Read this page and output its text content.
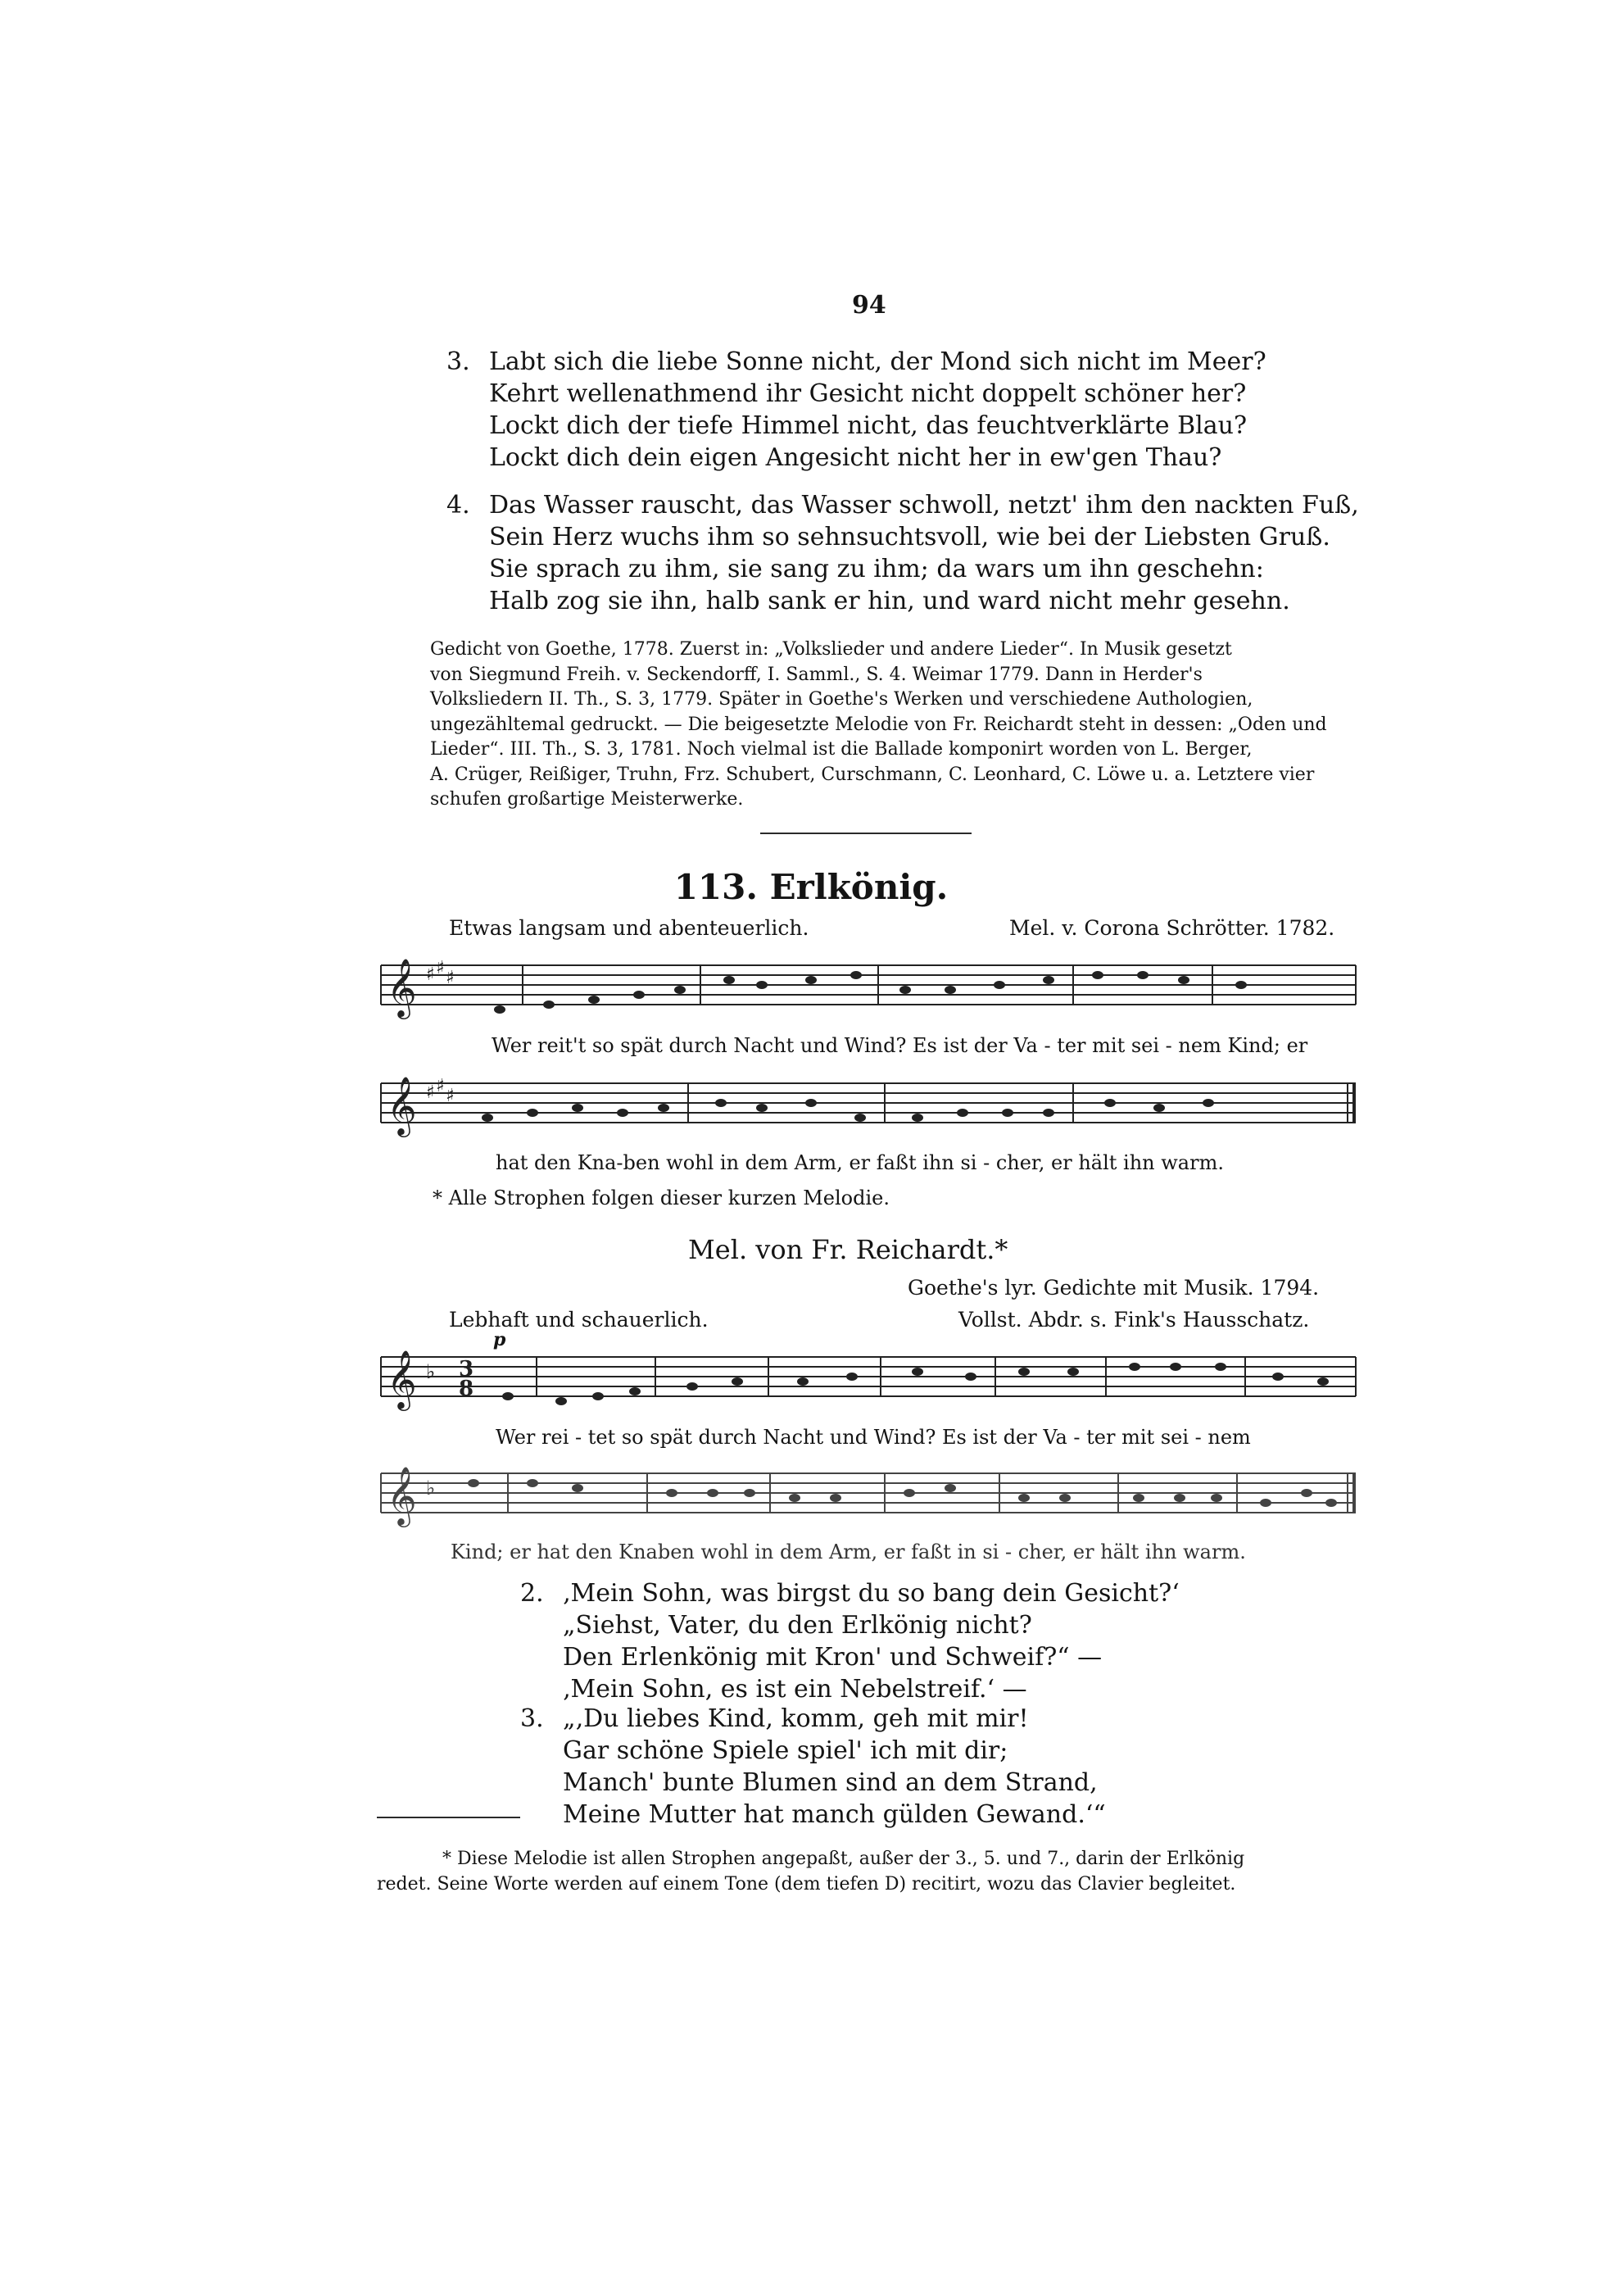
94
3. Labt sich die liebe Sonne nicht, der Mond sich nicht im Meer?
Kehrt wellenathmend ihr Gesicht nicht doppelt schöner her?
Lockt dich der tiefe Himmel nicht, das feuchtverklärte Blau?
Lockt dich dein eigen Angesicht nicht her in ew'gen Thau?
4. Das Wasser rauscht, das Wasser schwoll, netzt' ihm den nackten Fuß,
Sein Herz wuchs ihm so sehnsuchtsvoll, wie bei der Liebsten Gruß.
Sie sprach zu ihm, sie sang zu ihm; da wars um ihn geschehn:
Halb zog sie ihn, halb sank er hin, und ward nicht mehr gesehn.
Gedicht von Goethe, 1778. Zuerst in: „Volkslieder und andere Lieder“. In Musik gesetzt
von Siegmund Freih. v. Seckendorff, I. Samml., S. 4. Weimar 1779. Dann in Herder's
Volksliedern II. Th., S. 3, 1779. Später in Goethe's Werken und verschiedene Authologien,
ungezähltemal gedruckt. — Die beigesetzte Melodie von Fr. Reichardt steht in dessen: „Oden und
Lieder“. III. Th., S. 3, 1781. Noch vielmal ist die Ballade komponirt worden von L. Berger,
A. Crüger, Reißiger, Truhn, Frz. Schubert, Curschmann, C. Leonhard, C. Löwe u. a. Letztere vier
schufen großartige Meisterwerke.
113. Erlkönig.
Etwas langsam und abenteuerlich.	Mel. v. Corona Schrötter. 1782.
𝄞 ♯ ♯ ♯
Wer reit't so spät durch Nacht und Wind? Es ist der Va - ter mit sei - nem Kind; er
𝄞 ♯ ♯ ♯
hat den Kna-ben wohl in dem Arm, er faßt ihn si - cher, er hält ihn warm.
* Alle Strophen folgen dieser kurzen Melodie.
Mel. von Fr. Reichardt.*
Goethe's lyr. Gedichte mit Musik. 1794.
Vollst. Abdr. s. Fink's Hausschatz.
Lebhaft und schauerlich.
p
𝄞 ♭ 3
8
Wer rei - tet so spät durch Nacht und Wind? Es ist der Va - ter mit sei - nem
𝄞 ♭
Kind; er hat den Knaben wohl in dem Arm, er faßt in si - cher, er hält ihn warm.
2. ‚Mein Sohn, was birgst du so bang dein Gesicht?‘
„Siehst, Vater, du den Erlkönig nicht?
Den Erlenkönig mit Kron' und Schweif?“ —
‚Mein Sohn, es ist ein Nebelstreif.‘ —
3. „‚Du liebes Kind, komm, geh mit mir!
Gar schöne Spiele spiel' ich mit dir;
Manch' bunte Blumen sind an dem Strand,
Meine Mutter hat manch gülden Gewand.‘“
* Diese Melodie ist allen Strophen angepaßt, außer der 3., 5. und 7., darin der Erlkönig
redet. Seine Worte werden auf einem Tone (dem tiefen D) recitirt, wozu das Clavier begleitet.
